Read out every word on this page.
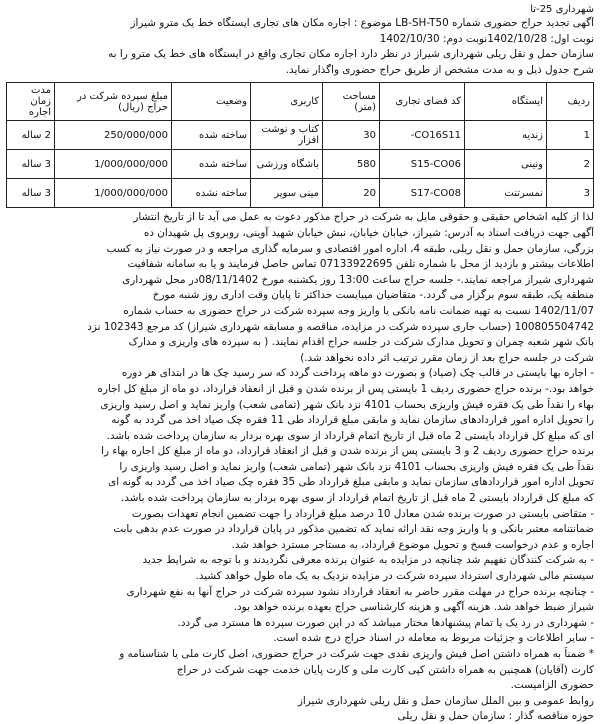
شهرداری 25-تا
آگهی تجدید حراج حضوری شماره LB-SH-T50 موضوع : اجاره مکان های تجاری ایستگاه خط یک مترو شیراز
نوبت اول: 1402/10/28نوبت دوم: 1402/10/30
سازمان حمل و نقل ریلی شهرداری شیراز در نظر دارد اجاره مکان تجاری واقع در ایستگاه های خط یک مترو را به
شرح جدول ذیل و به مدت مشخص از طریق حراج حضوری واگذار نماید.
ردیف	ایستگاه	کد فضای تجاری	مساحت (متر)	کاربری	وضعیت	مبلغ سپرده شرکت در حراج (ریال)	مدت زمان اجاره
1	زندیه	CO16S11-	30	کتاب و نوشت افزار	ساخته شده	250/000/000	2 ساله
2	ونینی	S15-CO06	580	باشگاه ورزشی	ساخته شده	1/000/000/000	3 ساله
3	نمسرتنت	S17-CO08	20	مینی سوپر	ساخته نشده	1/000/000/000	3 ساله
لذا از کلیه اشخاص حقیقی و حقوقی مایل به شرکت در حراج مذکور دعوت به عمل می آید تا از تاریخ انتشار
آگهی جهت دریافت اسناد به آدرس: شیراز، خیابان خیابان، نبش خیابان شهید آوینی، روبروی پل شهیدان ده
بزرگی، سازمان حمل و نقل ریلی، طبقه 4، اداره امور اقتصادی و سرمایه گذاری مراجعه و در صورت نیاز به کسب
اطلاعات بیشتر و بازدید از محل با شماره تلفن 07133922695 تماس حاصل فرمایند و یا به سامانه شفافیت
شهرداری شیراز مراجعه نمایند.- جلسه حراج ساعت 13:00 روز یکشنبه مورخ 08/11/1402در محل شهرداری
منطقه یک، طبقه سوم برگزار می گردد.- متقاضیان میبایست حداکثر تا پایان وقت اداری روز شنبه مورخ
1402/11/07 نسبت به تهیه ضمانت نامه بانکی یا واریز وجه سپرده شرکت در حراج حضوری به حساب شماره
100805504742 (حساب جاری سپرده شرکت در مزایده، مناقصه و مسابقه شهرداری شیراز) کد مرجع 102343 نزد
بانک شهر شعبه چمران و تحویل مدارک شرکت در جلسه حراج اقدام نمایند. ( به سپرده های واریزی و مدارک
شرکت در جلسه حراج بعد از زمان مقرر ترتیب اثر داده نخواهد شد.)
- اجاره بها بایستی در قالب چک (صیاد) و بصورت دو ماهه پرداخت گردد که سر رسید چک ها در ابتدای هر دوره
خواهد بود.- برنده حراج حضوری ردیف 1 بایستی پس از برنده شدن و قبل از انعقاد قرارداد، دو ماه از مبلغ کل اجاره
بهاء را نقداً طی یک فقره فیش واریزی بحساب 4101 نزد بانک شهر (تمامی شعب) واریز نماید و اصل رسید واریزی
را تحویل اداره امور قراردادهای سازمان نماید و مابقی مبلغ قرارداد طی 11 فقره چک صیاد اخذ می گردد به گونه
ای که مبلغ کل قرارداد بایستی 2 ماه قبل از تاریخ اتمام قرارداد از سوی بهره بردار به سازمان پرداخت شده باشد.
برنده حراج حضوری ردیف 2 و 3 بایستی پس از برنده شدن و قبل از انعقاد قرارداد، دو ماه از مبلغ کل اجاره بهاء را
نقداً طی یک فقره فیش واریزی بحساب 4101 نزد بانک شهر (تمامی شعب) واریز نماید و اصل رسید واریزی را
تحویل اداره امور قراردادهای سازمان نماید و مابقی مبلغ قرارداد طی 35 فقره چک صیاد اخذ می گردد به گونه ای
که مبلغ کل قرارداد بایستی 2 ماه قبل از تاریخ اتمام قرارداد از سوی بهره بردار به سازمان پرداخت شده باشد.
- متقاضی بایستی در صورت برنده شدن معادل 10 درصد مبلغ قرارداد را جهت تضمین انجام تعهدات بصورت
ضمانتنامه معتبر بانکی و یا واریز وجه نقد ارائه نماید که تضمین مذکور در پایان قرارداد در صورت عدم بدهی بابت
اجاره و عدم درخواست فسخ و تحویل موضوع قرارداد، به مستاجر مسترد خواهد شد.
- به شرکت کنندگان تفهیم شد چنانچه در مزایده به عنوان برنده معرفی نگردیدند و با توجه به شرایط جدید
سیستم مالی شهرداری استرداد سپرده شرکت در مزایده نزدیک به یک ماه طول خواهد کشید.
- چنانچه برنده حراج در مهلت مقرر حاضر به انعقاد قرارداد نشود سپرده شرکت در حراج آنها به نفع شهرداری
شیراز ضبط خواهد شد. هزینه آگهی و هزینه کارشناسی حراج بعهده برنده خواهد بود.
- شهرداری در رد یک یا تمام پیشنهادها مختار میباشد که در این صورت سپرده ها مسترد می گردد.
- سایر اطلاعات و جزئیات مربوط به معامله در اسناد حراج درج شده است.
* ضمناً به همراه داشتن اصل فیش واریزی نقدی جهت شرکت در حراج حضوری، اصل کارت ملی یا شناسنامه و
کارت (آقایان) همچنین به همراه داشتن کپی کارت ملی و کارت پایان خدمت جهت شرکت در حراج
حضوری الزامیست.
روابط عمومی و بین الملل سازمان حمل و نقل ریلی شهرداری شیراز
حوزه مناقصه گذار : سازمان حمل و نقل ریلی
